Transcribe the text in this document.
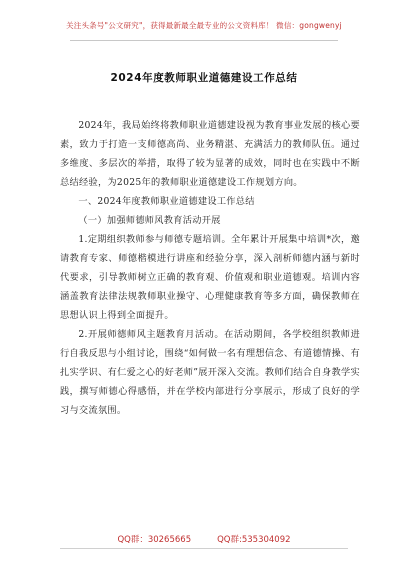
关注头条号"公文研究"，获得最新最全最专业的公文资料库！ 微信：gongwenyj
2024年度教师职业道德建设工作总结

2024年，我局始终将教师职业道德建设视为教育事业发展的核心要素，致力于打造一支师德高尚、业务精湛、充满活力的教师队伍。通过多维度、多层次的举措，取得了较为显著的成效，同时也在实践中不断总结经验，为2025年的教师职业道德建设工作规划方向。

一、2024年度教师职业道德建设工作总结

（一）加强师德师风教育活动开展

1.定期组织教师参与师德专题培训。全年累计开展集中培训*次，邀请教育专家、师德楷模进行讲座和经验分享，深入剖析师德内涵与新时代要求，引导教师树立正确的教育观、价值观和职业道德观。培训内容涵盖教育法律法规教师职业操守、心理健康教育等多方面，确保教师在思想认识上得到全面提升。

2.开展师德师风主题教育月活动。在活动期间，各学校组织教师进行自我反思与小组讨论，围绕“如何做一名有理想信念、有道德情操、有扎实学识、有仁爱之心的好老师”展开深入交流。教师们结合自身教学实践，撰写师德心得感悟，并在学校内部进行分享展示，形成了良好的学习与交流氛围。

QQ群：30265665	QQ群:535304092
